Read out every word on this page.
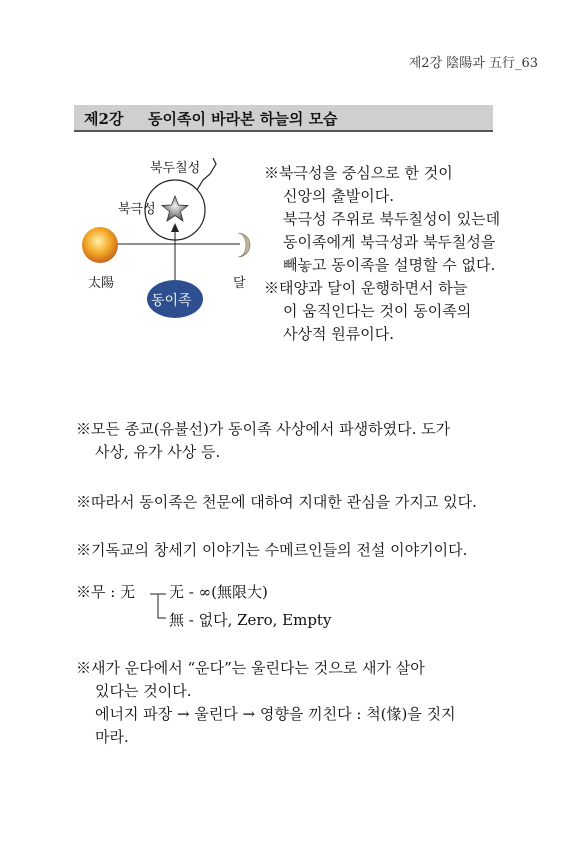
제2강 陰陽과 五行_63
제2강 동이족이 바라본 하늘의 모습
북두칠성
북극성
太陽	달
동이족
※북극성을 중심으로 한 것이
신앙의 출발이다.
북극성 주위로 북두칠성이 있는데
동이족에게 북극성과 북두칠성을
빼놓고 동이족을 설명할 수 없다.
※태양과 달이 운행하면서 하늘
이 움직인다는 것이 동이족의
사상적 원류이다.
※모든 종교(유불선)가 동이족 사상에서 파생하였다. 도가
사상, 유가 사상 등.
※따라서 동이족은 천문에 대하여 지대한 관심을 가지고 있다.
※기독교의 창세기 이야기는 수메르인들의 전설 이야기이다.
※무 : 无 无 - ∞(無限大)
無 - 없다, Zero, Empty
※새가 운다에서 “운다”는 울린다는 것으로 새가 살아
있다는 것이다.
에너지 파장 → 울린다 → 영향을 끼친다 : 척(㥟)을 짓지
마라.
